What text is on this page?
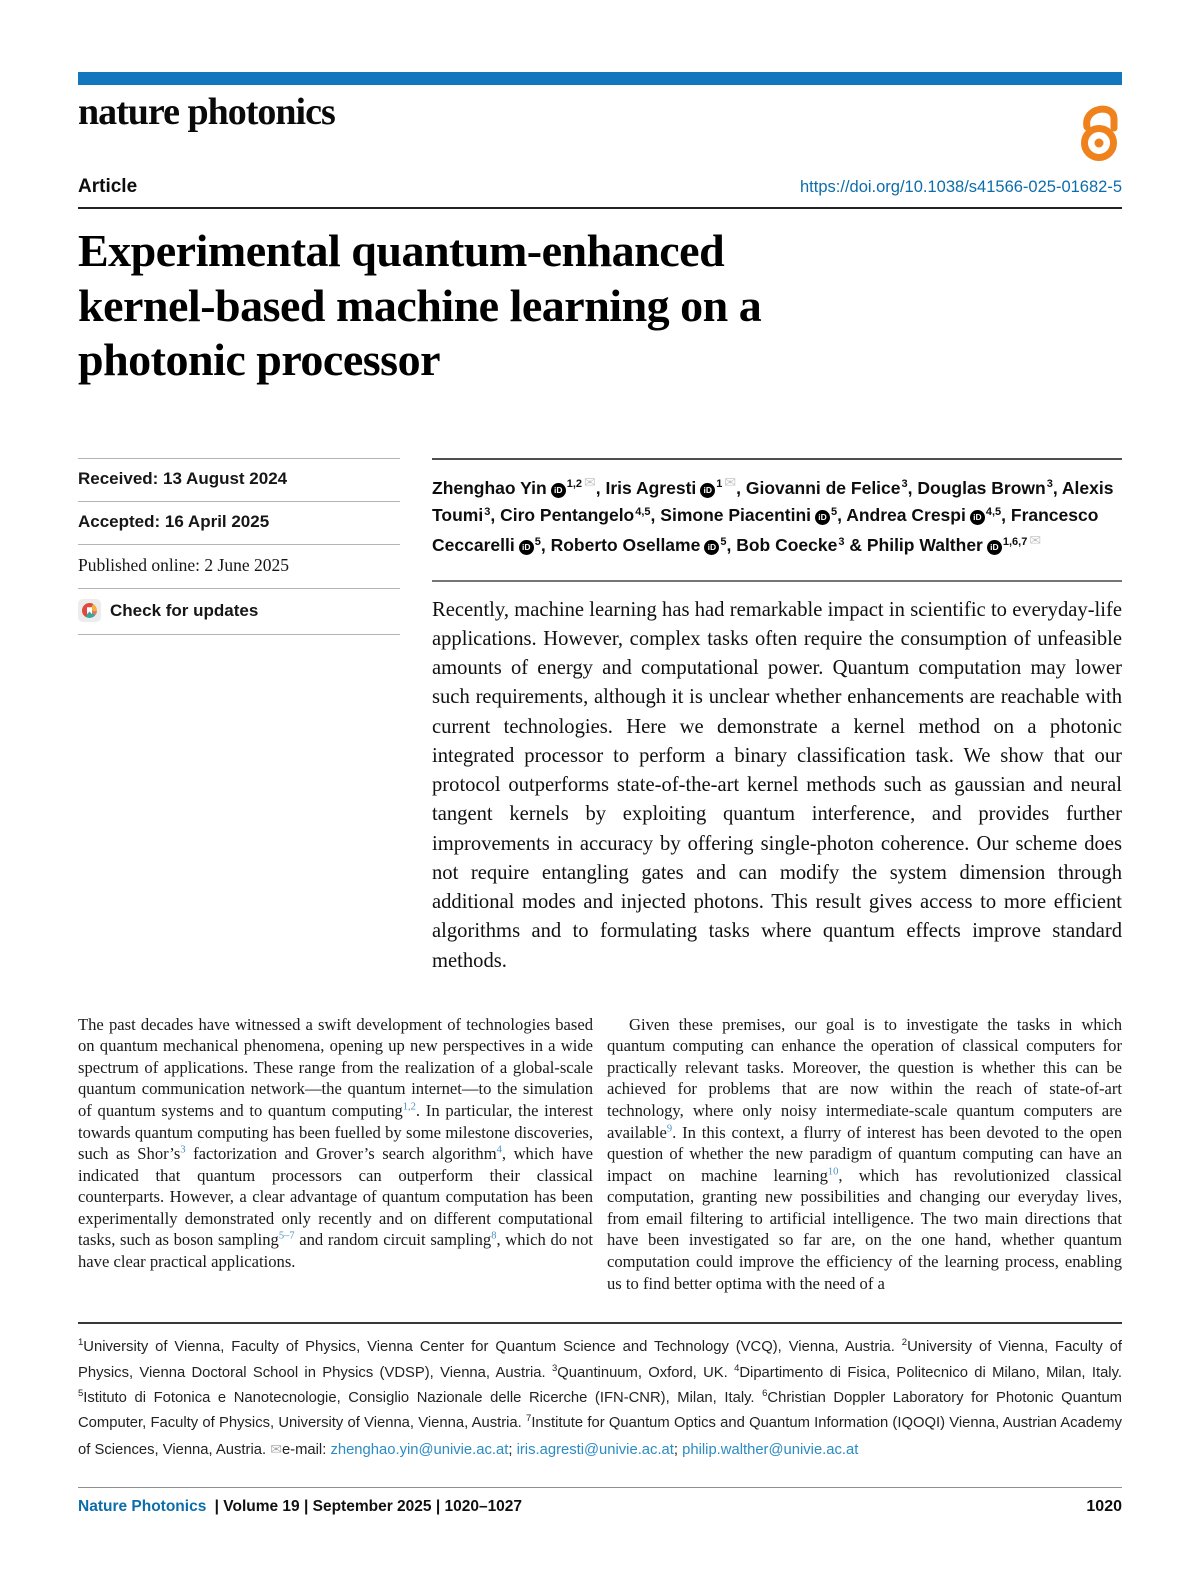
nature photonics
Article	https://doi.org/10.1038/s41566-025-01682-5
Experimental quantum-enhanced
kernel-based machine learning on a
photonic processor
Received: 13 August 2024
Accepted: 16 April 2025
Published online: 2 June 2025
Check for updates
Zhenghao Yin iD $^{1,2}$ ✉, Iris Agresti iD $^1$ ✉, Giovanni de Felice$^3$, Douglas Brown$^3$, Alexis Toumi$^3$, Ciro Pentangelo$^{4,5}$, Simone Piacentini iD $^5$, Andrea Crespi iD $^{4,5}$, Francesco Ceccarelli iD $^5$, Roberto Osellame iD $^5$, Bob Coecke$^3$ & Philip Walther iD $^{1,6,7}$ ✉
Recently, machine learning has had remarkable impact in scientific to everyday-life applications. However, complex tasks often require the consumption of unfeasible amounts of energy and computational power. Quantum computation may lower such requirements, although it is unclear whether enhancements are reachable with current technologies. Here we demonstrate a kernel method on a photonic integrated processor to perform a binary classification task. We show that our protocol outperforms state-of-the-art kernel methods such as gaussian and neural tangent kernels by exploiting quantum interference, and provides further improvements in accuracy by offering single-photon coherence. Our scheme does not require entangling gates and can modify the system dimension through additional modes and injected photons. This result gives access to more efficient algorithms and to formulating tasks where quantum effects improve standard methods.
The past decades have witnessed a swift development of technologies based on quantum mechanical phenomena, opening up new perspectives in a wide spectrum of applications. These range from the realization of a global-scale quantum communication network—the quantum internet—to the simulation of quantum systems and to quantum computing$^{1,2}$. In particular, the interest towards quantum computing has been fuelled by some milestone discoveries, such as Shor’s$^3$ factorization and Grover’s search algorithm$^4$, which have indicated that quantum processors can outperform their classical counterparts. However, a clear advantage of quantum computation has been experimentally demonstrated only recently and on different computational tasks, such as boson sampling$^{5-7}$ and random circuit sampling$^8$, which do not have clear practical applications.
Given these premises, our goal is to investigate the tasks in which quantum computing can enhance the operation of classical computers for practically relevant tasks. Moreover, the question is whether this can be achieved for problems that are now within the reach of state-of-art technology, where only noisy intermediate-scale quantum computers are available$^9$. In this context, a flurry of interest has been devoted to the open question of whether the new paradigm of quantum computing can have an impact on machine learning$^{10}$, which has revolutionized classical computation, granting new possibilities and changing our everyday lives, from email filtering to artificial intelligence. The two main directions that have been investigated so far are, on the one hand, whether quantum computation could improve the efficiency of the learning process, enabling us to find better optima with the need of a
$^1$University of Vienna, Faculty of Physics, Vienna Center for Quantum Science and Technology (VCQ), Vienna, Austria. $^2$University of Vienna, Faculty of Physics, Vienna Doctoral School in Physics (VDSP), Vienna, Austria. $^3$Quantinuum, Oxford, UK. $^4$Dipartimento di Fisica, Politecnico di Milano, Milan, Italy. $^5$Istituto di Fotonica e Nanotecnologie, Consiglio Nazionale delle Ricerche (IFN-CNR), Milan, Italy. $^6$Christian Doppler Laboratory for Photonic Quantum Computer, Faculty of Physics, University of Vienna, Vienna, Austria. $^7$Institute for Quantum Optics and Quantum Information (IQOQI) Vienna, Austrian Academy of Sciences, Vienna, Austria. ✉e-mail: zhenghao.yin@univie.ac.at; iris.agresti@univie.ac.at; philip.walther@univie.ac.at
Nature Photonics | Volume 19 | September 2025 | 1020–1027	1020
